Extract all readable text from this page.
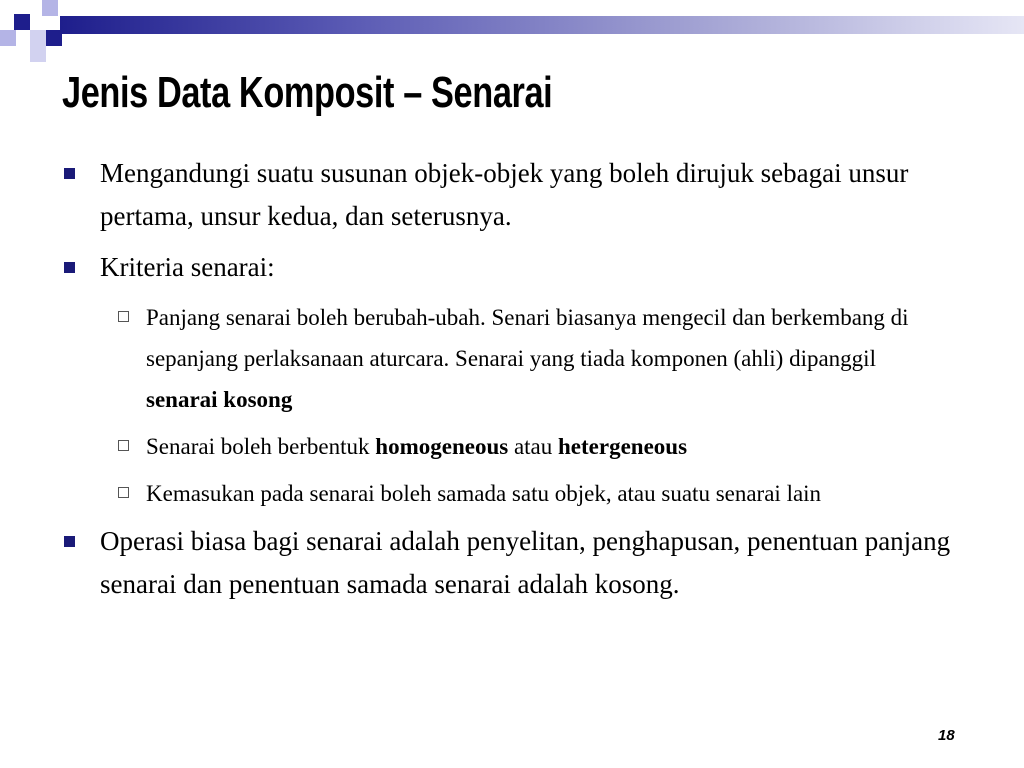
Jenis Data Komposit – Senarai
Mengandungi suatu susunan objek-objek yang boleh dirujuk sebagai unsur pertama, unsur kedua, dan seterusnya.
Kriteria senarai:
Panjang senarai boleh berubah-ubah. Senari biasanya mengecil dan berkembang di sepanjang perlaksanaan aturcara. Senarai yang tiada komponen (ahli) dipanggil senarai kosong
Senarai boleh berbentuk homogeneous atau hetergeneous
Kemasukan pada senarai boleh samada satu objek, atau suatu senarai lain
Operasi biasa bagi senarai adalah penyelitan, penghapusan, penentuan panjang senarai dan penentuan samada senarai adalah kosong.
18
